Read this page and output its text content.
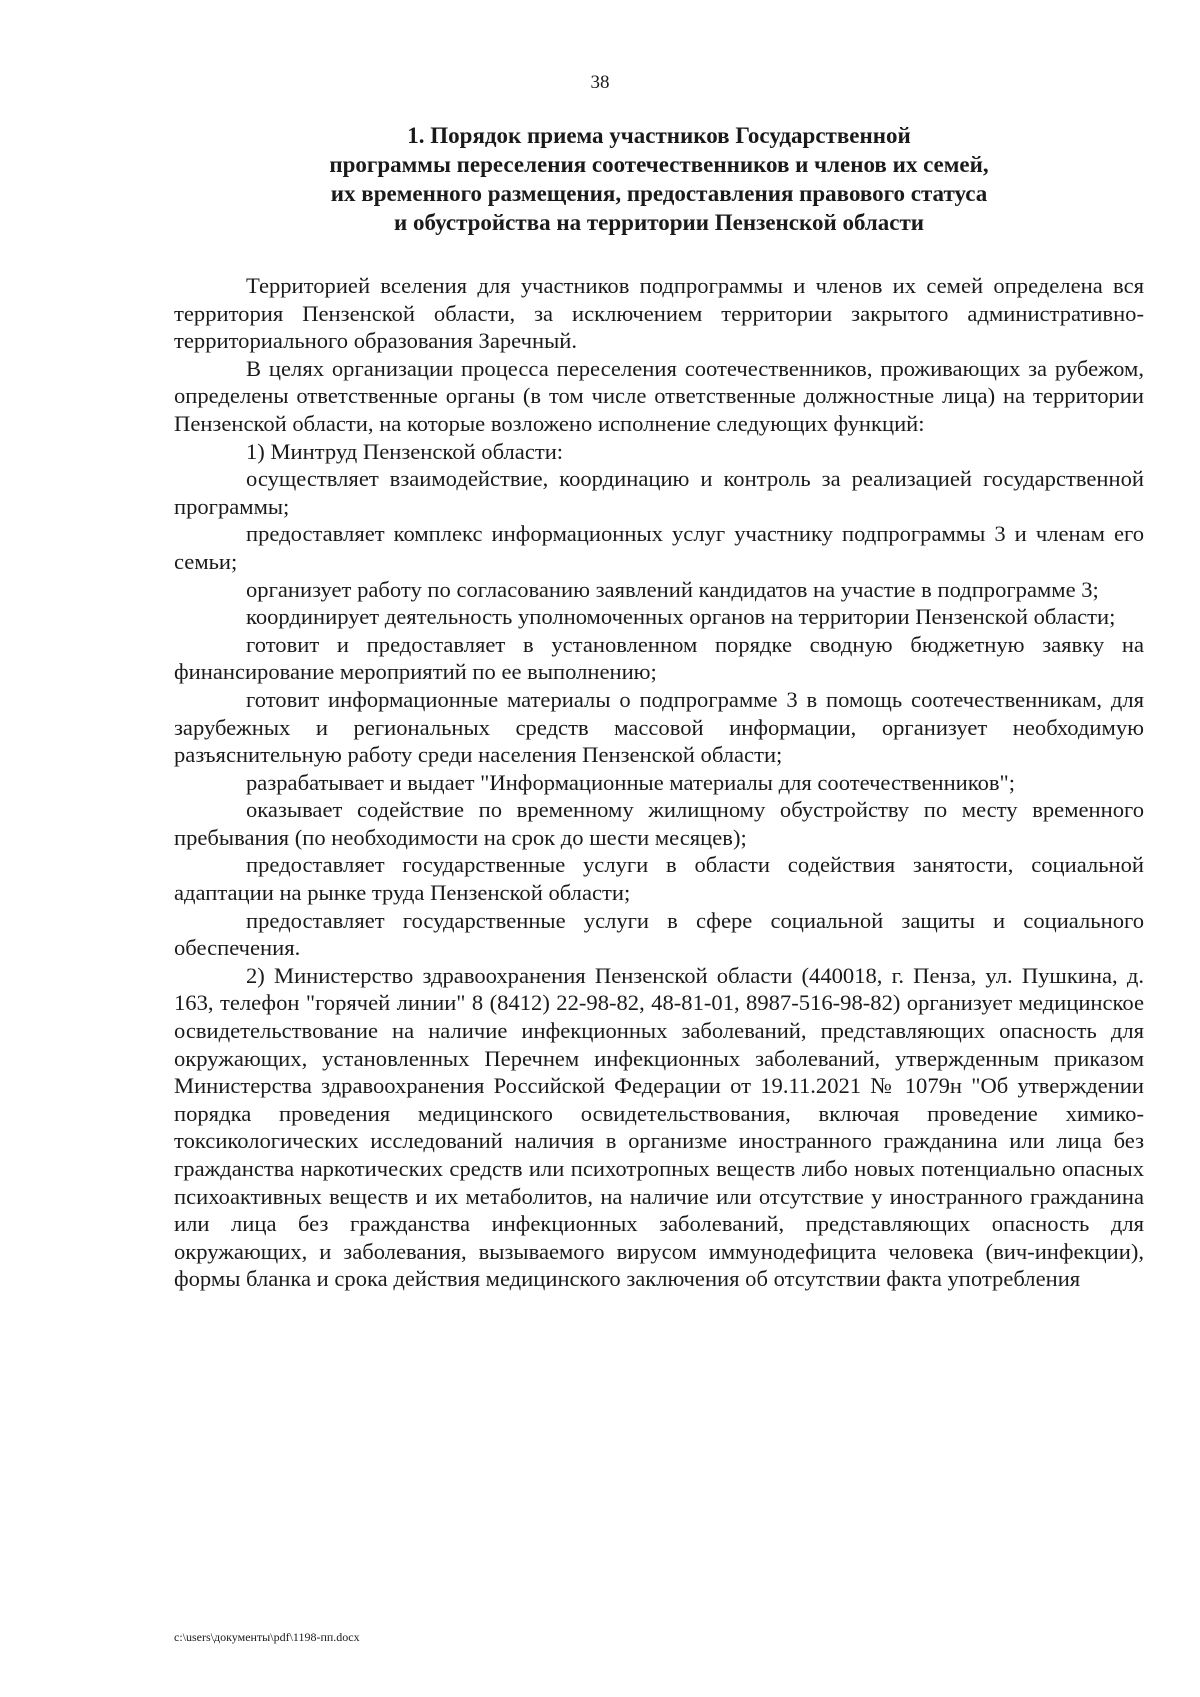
38
1. Порядок приема участников Государственной
программы переселения соотечественников и членов их семей,
их временного размещения, предоставления правового статуса
и обустройства на территории Пензенской области

Территорией вселения для участников подпрограммы и членов их семей определена вся территория Пензенской области, за исключением территории закрытого административно-территориального образования Заречный.

В целях организации процесса переселения соотечественников, проживающих за рубежом, определены ответственные органы (в том числе ответственные должностные лица) на территории Пензенской области, на которые возложено исполнение следующих функций:

1) Минтруд Пензенской области:

осуществляет взаимодействие, координацию и контроль за реализацией государственной программы;

предоставляет комплекс информационных услуг участнику подпрограммы 3 и членам его семьи;

организует работу по согласованию заявлений кандидатов на участие в подпрограмме 3;

координирует деятельность уполномоченных органов на территории Пензенской области;

готовит и предоставляет в установленном порядке сводную бюджетную заявку на финансирование мероприятий по ее выполнению;

готовит информационные материалы о подпрограмме 3 в помощь соотечественникам, для зарубежных и региональных средств массовой информации, организует необходимую разъяснительную работу среди населения Пензенской области;

разрабатывает и выдает "Информационные материалы для соотечественников";

оказывает содействие по временному жилищному обустройству по месту временного пребывания (по необходимости на срок до шести месяцев);

предоставляет государственные услуги в области содействия занятости, социальной адаптации на рынке труда Пензенской области;

предоставляет государственные услуги в сфере социальной защиты и социального обеспечения.

2) Министерство здравоохранения Пензенской области (440018, г. Пенза, ул. Пушкина, д. 163, телефон "горячей линии" 8 (8412) 22-98-82, 48-81-01, 8987-516-98-82) организует медицинское освидетельствование на наличие инфекционных заболеваний, представляющих опасность для окружающих, установленных Перечнем инфекционных заболеваний, утвержденным приказом Министерства здравоохранения Российской Федерации от 19.11.2021 № 1079н "Об утверждении порядка проведения медицинского освидетельствования, включая проведение химико-токсикологических исследований наличия в организме иностранного гражданина или лица без гражданства наркотических средств или психотропных веществ либо новых потенциально опасных психоактивных веществ и их метаболитов, на наличие или отсутствие у иностранного гражданина или лица без гражданства инфекционных заболеваний, представляющих опасность для окружающих, и заболевания, вызываемого вирусом иммунодефицита человека (вич-инфекции), формы бланка и срока действия медицинского заключения об отсутствии факта употребления

c:\users\документы\pdf\1198-пп.docx
